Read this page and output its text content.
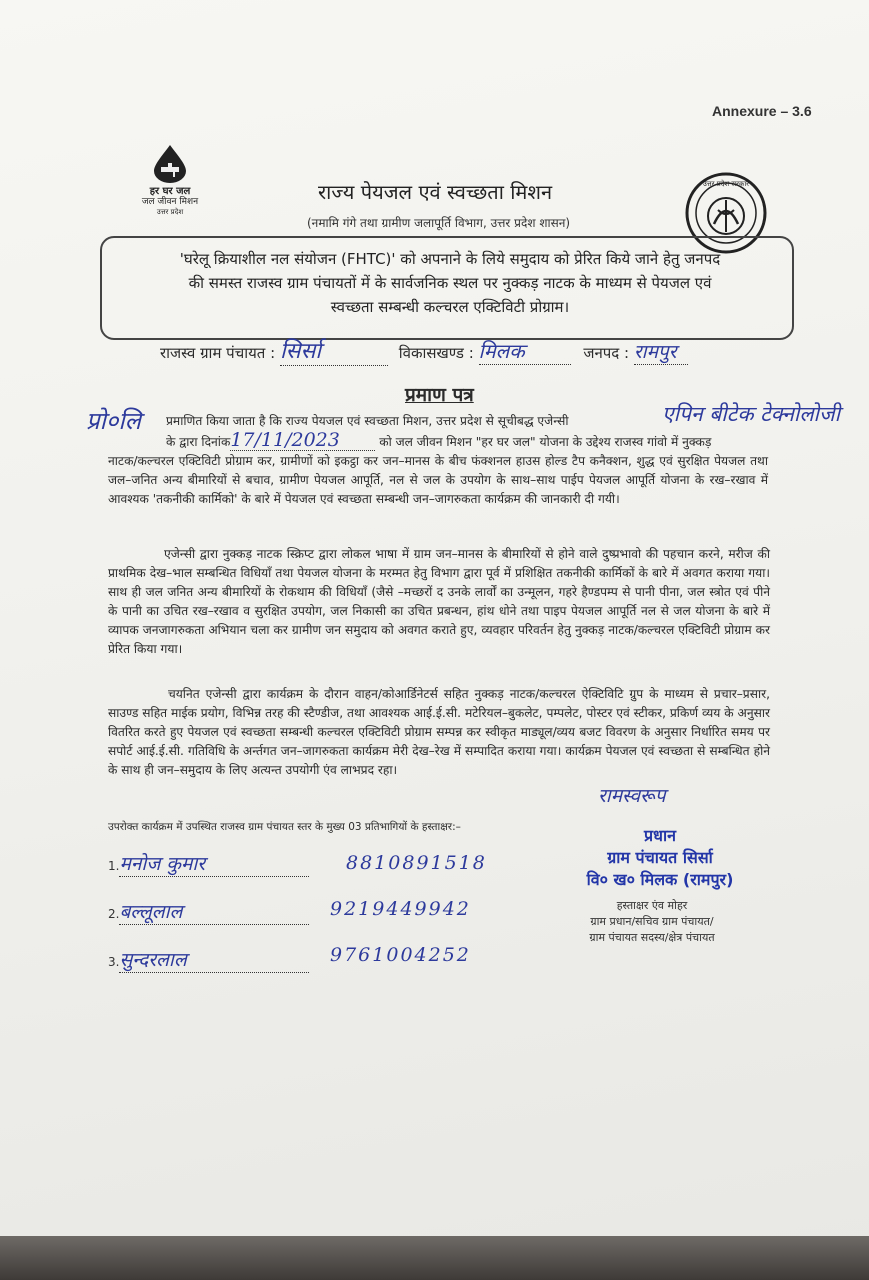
Annexure – 3.6
हर घर जल
जल जीवन मिशन
उत्तर प्रदेश
उत्तर प्रदेश सरकार
राज्य पेयजल एवं स्वच्छता मिशन
(नमामि गंगे तथा ग्रामीण जलापूर्ति विभाग, उत्तर प्रदेश शासन)
'घरेलू क्रियाशील नल संयोजन (FHTC)' को अपनाने के लिये समुदाय को प्रेरित किये जाने हेतु जनपद
की समस्त राजस्व ग्राम पंचायतों में के सार्वजनिक स्थल पर नुक्कड़ नाटक के माध्यम से पेयजल एवं
स्वच्छता सम्बन्धी कल्चरल एक्टिविटी प्रोग्राम।
राजस्व ग्राम पंचायत : सिर्सा	विकासखण्ड : मिलक	जनपद : रामपुर
प्रमाण पत्र
प्रो०लि	एपिन बीटेक टेक्नोलोजी
प्रमाणित किया जाता है कि राज्य पेयजल एवं स्वच्छता मिशन, उत्तर प्रदेश से सूचीबद्ध एजेन्सी
के द्वारा दिनांक17/11/2023	को जल जीवन मिशन "हर घर जल" योजना के उद्देश्य राजस्व गांवो में नुक्कड़
नाटक/कल्चरल एक्टिविटी प्रोग्राम कर, ग्रामीणों को इकट्ठा कर जन–मानस के बीच फंक्शनल हाउस होल्ड टैप कनैक्शन, शुद्ध एवं सुरक्षित पेयजल तथा जल–जनित अन्य बीमारियों से बचाव, ग्रामीण पेयजल आपूर्ति, नल से जल के उपयोग के साथ–साथ पाईप पेयजल आपूर्ति योजना के रख–रखाव में आवश्यक 'तकनीकी कार्मिको' के बारे में पेयजल एवं स्वच्छता सम्बन्धी जन–जागरुकता कार्यक्रम की जानकारी दी गयी।
एजेन्सी द्वारा नुक्कड़ नाटक स्क्रिप्ट द्वारा लोकल भाषा में ग्राम जन–मानस के बीमारियों से होने वाले दुष्प्रभावो की पहचान करने, मरीज की प्राथमिक देख–भाल सम्बन्धित विधियाँ तथा पेयजल योजना के मरम्मत हेतु विभाग द्वारा पूर्व में प्रशिक्षित तकनीकी कार्मिकों के बारे में अवगत कराया गया। साथ ही जल जनित अन्य बीमारियों के रोकथाम की विधियाँ (जैसे –मच्छरों द उनके लार्वों का उन्मूलन, गहरे हैण्डपम्प से पानी पीना, जल स्त्रोत एवं पीने के पानी का उचित रख–रखाव व सुरक्षित उपयोग, जल निकासी का उचित प्रबन्धन, हांथ धोने तथा पाइप पेयजल आपूर्ति नल से जल योजना के बारे में व्यापक जनजागरुकता अभियान चला कर ग्रामीण जन समुदाय को अवगत कराते हुए, व्यवहार परिवर्तन हेतु नुक्कड़ नाटक/कल्चरल एक्टिविटी प्रोग्राम कर प्रेरित किया गया।
चयनित एजेन्सी द्वारा कार्यक्रम के दौरान वाहन/कोआर्डिनेटर्स सहित नुक्कड़ नाटक/कल्चरल ऐक्टिविटि ग्रुप के माध्यम से प्रचार–प्रसार, साउण्ड सहित माईक प्रयोग, विभिन्न तरह की स्टैण्डीज, तथा आवश्यक आई.ई.सी. मटेरियल–बुकलेट, पम्पलेट, पोस्टर एवं स्टीकर, प्रकिर्ण व्यय के अनुसार वितरित करते हुए पेयजल एवं स्वच्छता सम्बन्धी कल्चरल एक्टिविटी प्रोग्राम सम्पन्न कर स्वीकृत माड्यूल/व्यय बजट विवरण के अनुसार निर्धारित समय पर सपोर्ट आई.ई.सी. गतिविधि के अर्न्तगत जन–जागरुकता कार्यक्रम मेरी देख–रेख में सम्पादित कराया गया। कार्यक्रम पेयजल एवं स्वच्छता से सम्बन्धित होने के साथ ही जन–समुदाय के लिए अत्यन्त उपयोगी एंव लाभप्रद रहा।
उपरोक्त कार्यक्रम में उपस्थित राजस्व ग्राम पंचायत स्तर के मुख्य 03 प्रतिभागियों के हस्ताक्षर:–
1.मनोज कुमार	8810891518
2.बल्लूलाल	9219449942
3.सुन्दरलाल	9761004252
रामस्वरूप
प्रधान
ग्राम पंचायत सिर्सा
वि० ख० मिलक (रामपुर)
हस्ताक्षर एंव मोहर
ग्राम प्रधान/सचिव ग्राम पंचायत/
ग्राम पंचायत सदस्य/क्षेत्र पंचायत
